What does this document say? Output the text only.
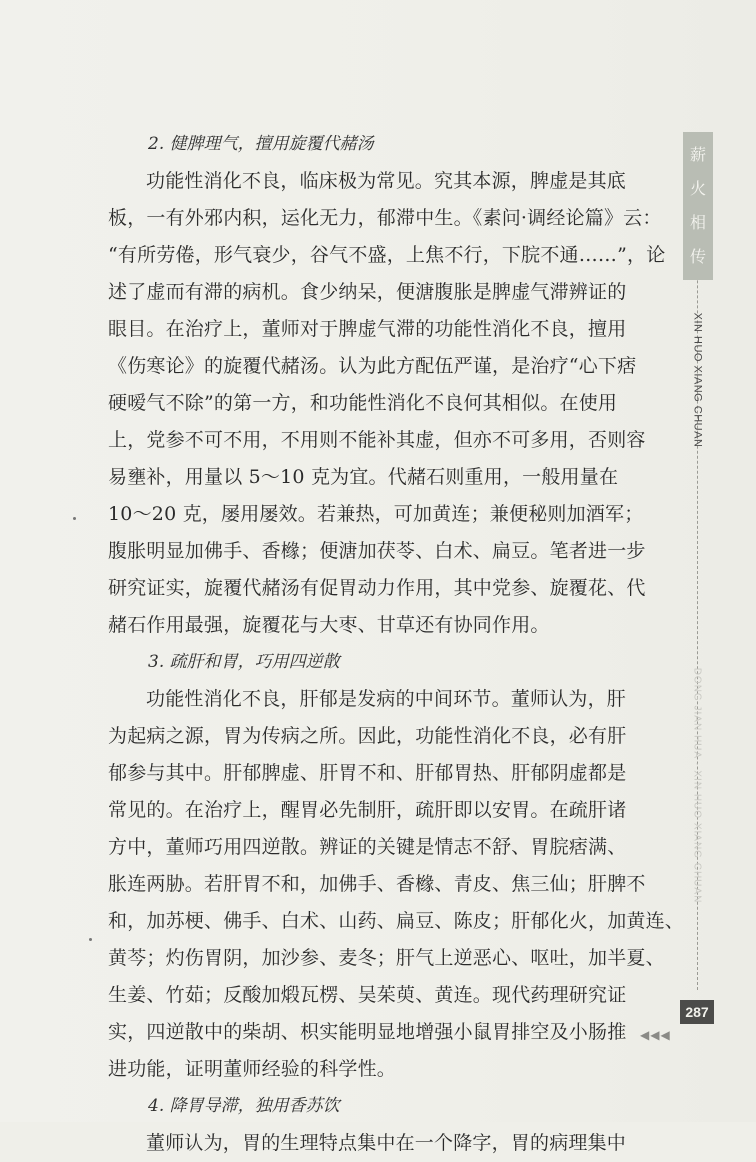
2. 健脾理气，擅用旋覆代赭汤
功能性消化不良，临床极为常见。究其本源，脾虚是其底
板，一有外邪内积，运化无力，郁滞中生。《素问·调经论篇》云：
“有所劳倦，形气衰少，谷气不盛，上焦不行，下脘不通……”，论
述了虚而有滞的病机。食少纳呆，便溏腹胀是脾虚气滞辨证的
眼目。在治疗上，董师对于脾虚气滞的功能性消化不良，擅用
《伤寒论》的旋覆代赭汤。认为此方配伍严谨，是治疗“心下痞
硬嗳气不除”的第一方，和功能性消化不良何其相似。在使用
上，党参不可不用，不用则不能补其虚，但亦不可多用，否则容
易壅补，用量以 5～10 克为宜。代赭石则重用，一般用量在
10～20 克，屡用屡效。若兼热，可加黄连；兼便秘则加酒军；
腹胀明显加佛手、香橼；便溏加茯苓、白术、扁豆。笔者进一步
研究证实，旋覆代赭汤有促胃动力作用，其中党参、旋覆花、代
赭石作用最强，旋覆花与大枣、甘草还有协同作用。
3. 疏肝和胃，巧用四逆散
功能性消化不良，肝郁是发病的中间环节。董师认为，肝
为起病之源，胃为传病之所。因此，功能性消化不良，必有肝
郁参与其中。肝郁脾虚、肝胃不和、肝郁胃热、肝郁阴虚都是
常见的。在治疗上，醒胃必先制肝，疏肝即以安胃。在疏肝诸
方中，董师巧用四逆散。辨证的关键是情志不舒、胃脘痞满、
胀连两胁。若肝胃不和，加佛手、香橼、青皮、焦三仙；肝脾不
和，加苏梗、佛手、白术、山药、扁豆、陈皮；肝郁化火，加黄连、
黄芩；灼伤胃阴，加沙参、麦冬；肝气上逆恶心、呕吐，加半夏、
生姜、竹茹；反酸加煅瓦楞、吴茱萸、黄连。现代药理研究证
实，四逆散中的柴胡、枳实能明显地增强小鼠胃排空及小肠推
进功能，证明董师经验的科学性。
4. 降胃导滞，独用香苏饮
董师认为，胃的生理特点集中在一个降字，胃的病理集中
薪
火
相
传
XIN HUO XIANG CHUAN
DONG JIAN HUA · XIN HUO XIANG CHUAN
287
◀◀◀
